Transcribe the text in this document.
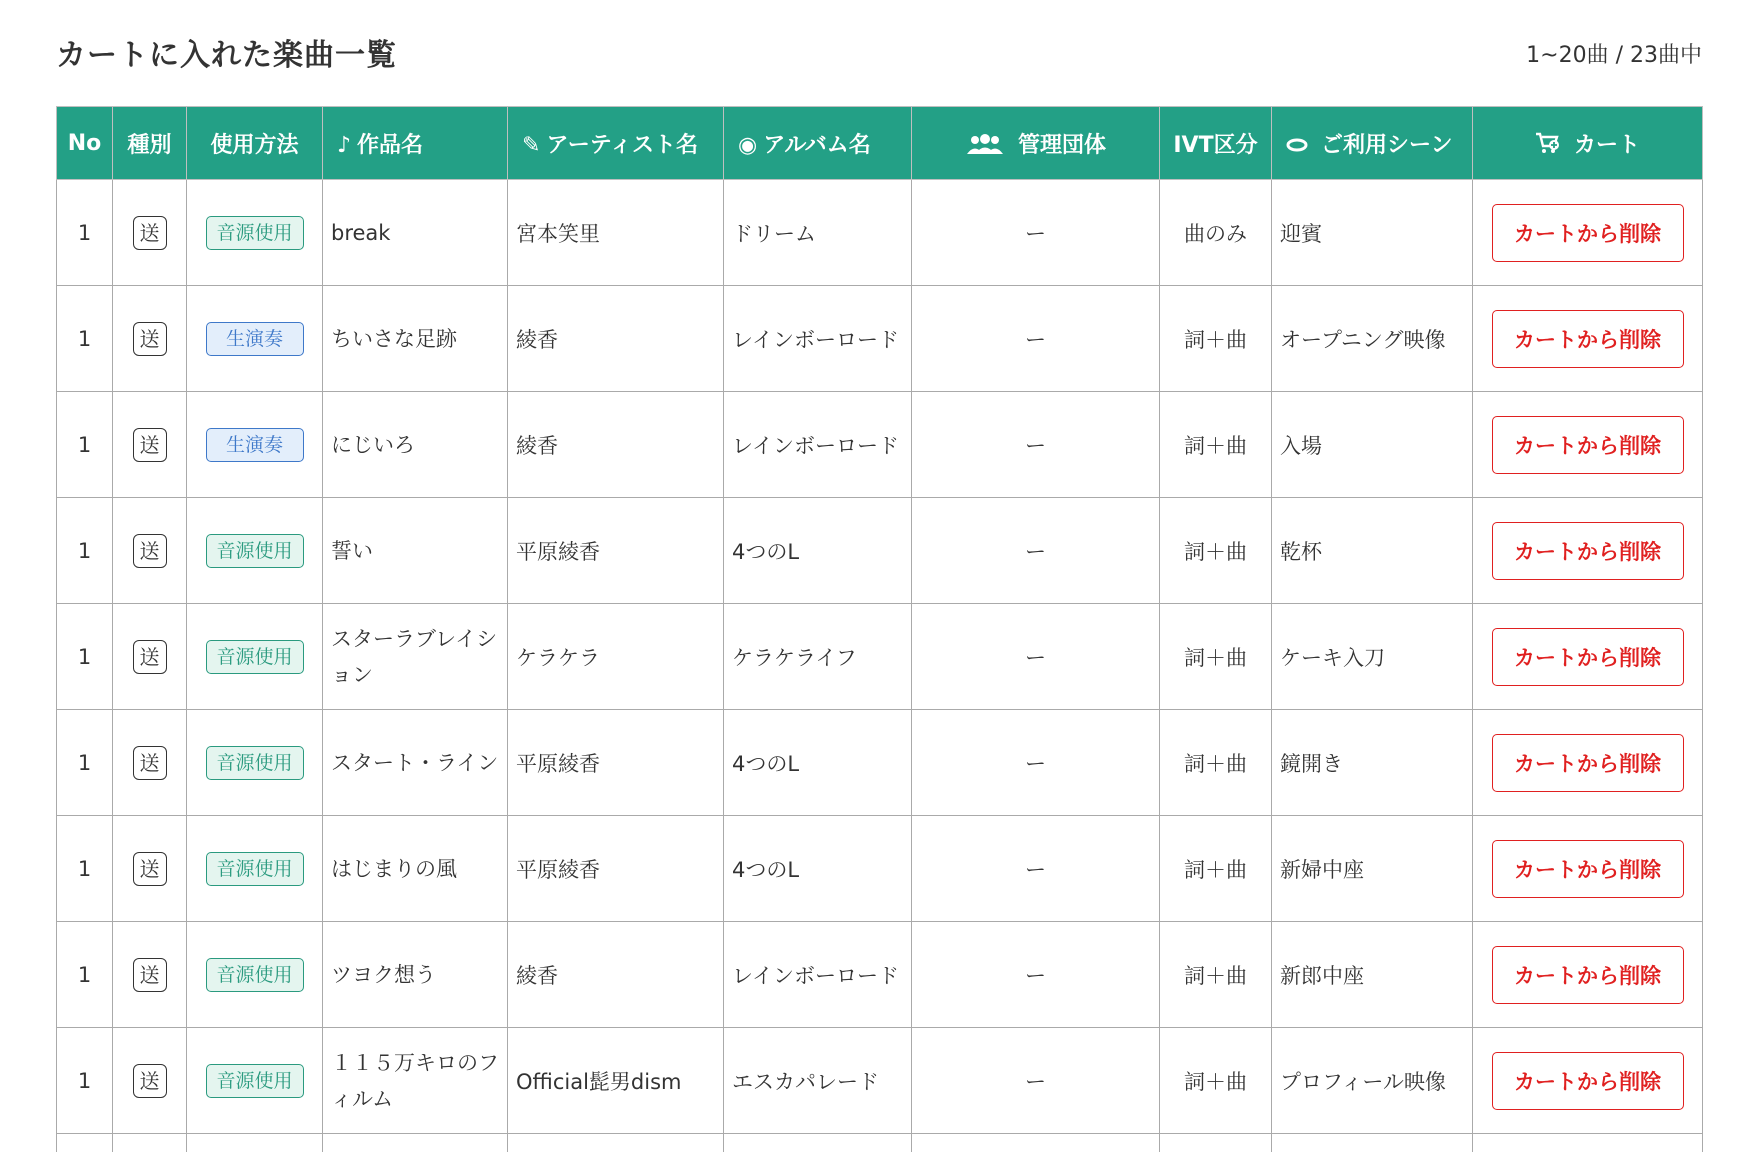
カートに入れた楽曲一覧	1~20曲 / 23曲中
No	種別	使用方法	♪ 作品名	✎ アーティスト名	◉ アルバム名	管理団体	IVT区分	ご利用シーン	カート
1	送	音源使用	break	宮本笑里	ドリーム	ー	曲のみ	迎賓	カートから削除

1	送	生演奏	ちいさな足跡	綾香	レインボーロード	ー	詞＋曲	オープニング映像	カートから削除

1	送	生演奏	にじいろ	綾香	レインボーロード	ー	詞＋曲	入場	カートから削除

1	送	音源使用	誓い	平原綾香	4つのL	ー	詞＋曲	乾杯	カートから削除

1	送	音源使用	スターラブレイション	ケラケラ	ケラケライフ	ー	詞＋曲	ケーキ入刀	カートから削除

1	送	音源使用	スタート・ライン	平原綾香	4つのL	ー	詞＋曲	鏡開き	カートから削除

1	送	音源使用	はじまりの風	平原綾香	4つのL	ー	詞＋曲	新婦中座	カートから削除

1	送	音源使用	ツヨク想う	綾香	レインボーロード	ー	詞＋曲	新郎中座	カートから削除

1	送	音源使用	１１５万キロのフィルム	Official髭男dism	エスカパレード	ー	詞＋曲	プロフィール映像	カートから削除
